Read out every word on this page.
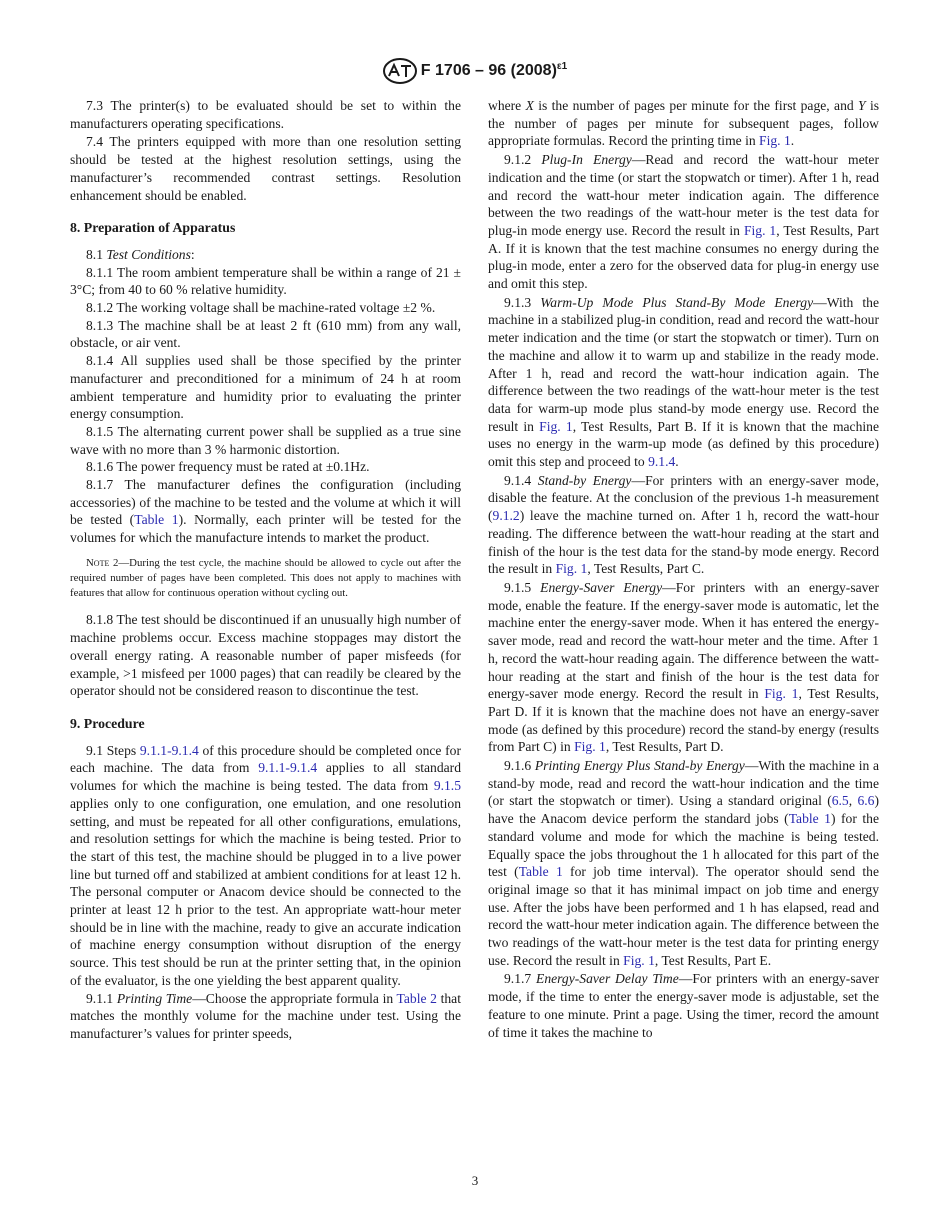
F 1706 – 96 $(2008)^{\varepsilon 1}$

7.3 The printer(s) to be evaluated should be set to within the manufacturers operating specifications.

7.4 The printers equipped with more than one resolution setting should be tested at the highest resolution settings, using the manufacturer’s recommended contrast settings. Resolution enhancement should be enabled.

8. Preparation of Apparatus

8.1 Test Conditions:

8.1.1 The room ambient temperature shall be within a range of 21 ± 3°C; from 40 to 60 % relative humidity.

8.1.2 The working voltage shall be machine-rated voltage ±2 %.

8.1.3 The machine shall be at least 2 ft (610 mm) from any wall, obstacle, or air vent.

8.1.4 All supplies used shall be those specified by the printer manufacturer and preconditioned for a minimum of 24 h at room ambient temperature and humidity prior to evaluating the printer energy consumption.

8.1.5 The alternating current power shall be supplied as a true sine wave with no more than 3 % harmonic distortion.

8.1.6 The power frequency must be rated at ±0.1Hz.

8.1.7 The manufacturer defines the configuration (including accessories) of the machine to be tested and the volume at which it will be tested (Table 1). Normally, each printer will be tested for the volumes for which the manufacture intends to market the product.

Note 2—During the test cycle, the machine should be allowed to cycle out after the required number of pages have been completed. This does not apply to machines with features that allow for continuous operation without cycling out.

8.1.8 The test should be discontinued if an unusually high number of machine problems occur. Excess machine stoppages may distort the overall energy rating. A reasonable number of paper misfeeds (for example, >1 misfeed per 1000 pages) that can readily be cleared by the operator should not be considered reason to discontinue the test.

9. Procedure

9.1 Steps 9.1.1-9.1.4 of this procedure should be completed once for each machine. The data from 9.1.1-9.1.4 applies to all standard volumes for which the machine is being tested. The data from 9.1.5 applies only to one configuration, one emulation, and one resolution setting, and must be repeated for all other configurations, emulations, and resolution settings for which the machine is being tested. Prior to the start of this test, the machine should be plugged in to a live power line but turned off and stabilized at ambient conditions for at least 12 h. The personal computer or Anacom device should be connected to the printer at least 12 h prior to the test. An appropriate watt-hour meter should be in line with the machine, ready to give an accurate indication of machine energy consumption without disruption of the energy source. This test should be run at the printer setting that, in the opinion of the evaluator, is the one yielding the best apparent quality.

9.1.1 Printing Time—Choose the appropriate formula in Table 2 that matches the monthly volume for the machine under test. Using the manufacturer’s values for printer speeds,

where X is the number of pages per minute for the first page, and Y is the number of pages per minute for subsequent pages, follow appropriate formulas. Record the printing time in Fig. 1.

9.1.2 Plug-In Energy—Read and record the watt-hour meter indication and the time (or start the stopwatch or timer). After 1 h, read and record the watt-hour meter indication again. The difference between the two readings of the watt-hour meter is the test data for plug-in mode energy use. Record the result in Fig. 1, Test Results, Part A. If it is known that the test machine consumes no energy during the plug-in mode, enter a zero for the observed data for plug-in energy use and omit this step.

9.1.3 Warm-Up Mode Plus Stand-By Mode Energy—With the machine in a stabilized plug-in condition, read and record the watt-hour meter indication and the time (or start the stopwatch or timer). Turn on the machine and allow it to warm up and stabilize in the ready mode. After 1 h, read and record the watt-hour indication again. The difference between the two readings of the watt-hour meter is the test data for warm-up mode plus stand-by mode energy use. Record the result in Fig. 1, Test Results, Part B. If it is known that the machine uses no energy in the warm-up mode (as defined by this procedure) omit this step and proceed to 9.1.4.

9.1.4 Stand-by Energy—For printers with an energy-saver mode, disable the feature. At the conclusion of the previous 1-h measurement (9.1.2) leave the machine turned on. After 1 h, record the watt-hour reading. The difference between the watt-hour reading at the start and finish of the hour is the test data for the stand-by mode energy. Record the result in Fig. 1, Test Results, Part C.

9.1.5 Energy-Saver Energy—For printers with an energy-saver mode, enable the feature. If the energy-saver mode is automatic, let the machine enter the energy-saver mode. When it has entered the energy-saver mode, read and record the watt-hour meter and the time. After 1 h, record the watt-hour reading again. The difference between the watt-hour reading at the start and finish of the hour is the test data for energy-saver mode energy. Record the result in Fig. 1, Test Results, Part D. If it is known that the machine does not have an energy-saver mode (as defined by this procedure) record the stand-by energy (results from Part C) in Fig. 1, Test Results, Part D.

9.1.6 Printing Energy Plus Stand-by Energy—With the machine in a stand-by mode, read and record the watt-hour indication and the time (or start the stopwatch or timer). Using a standard original (6.5, 6.6) have the Anacom device perform the standard jobs (Table 1) for the standard volume and mode for which the machine is being tested. Equally space the jobs throughout the 1 h allocated for this part of the test (Table 1 for job time interval). The operator should send the original image so that it has minimal impact on job time and energy use. After the jobs have been performed and 1 h has elapsed, read and record the watt-hour meter indication again. The difference between the two readings of the watt-hour meter is the test data for printing energy use. Record the result in Fig. 1, Test Results, Part E.

9.1.7 Energy-Saver Delay Time—For printers with an energy-saver mode, if the time to enter the energy-saver mode is adjustable, set the feature to one minute. Print a page. Using the timer, record the amount of time it takes the machine to

3
